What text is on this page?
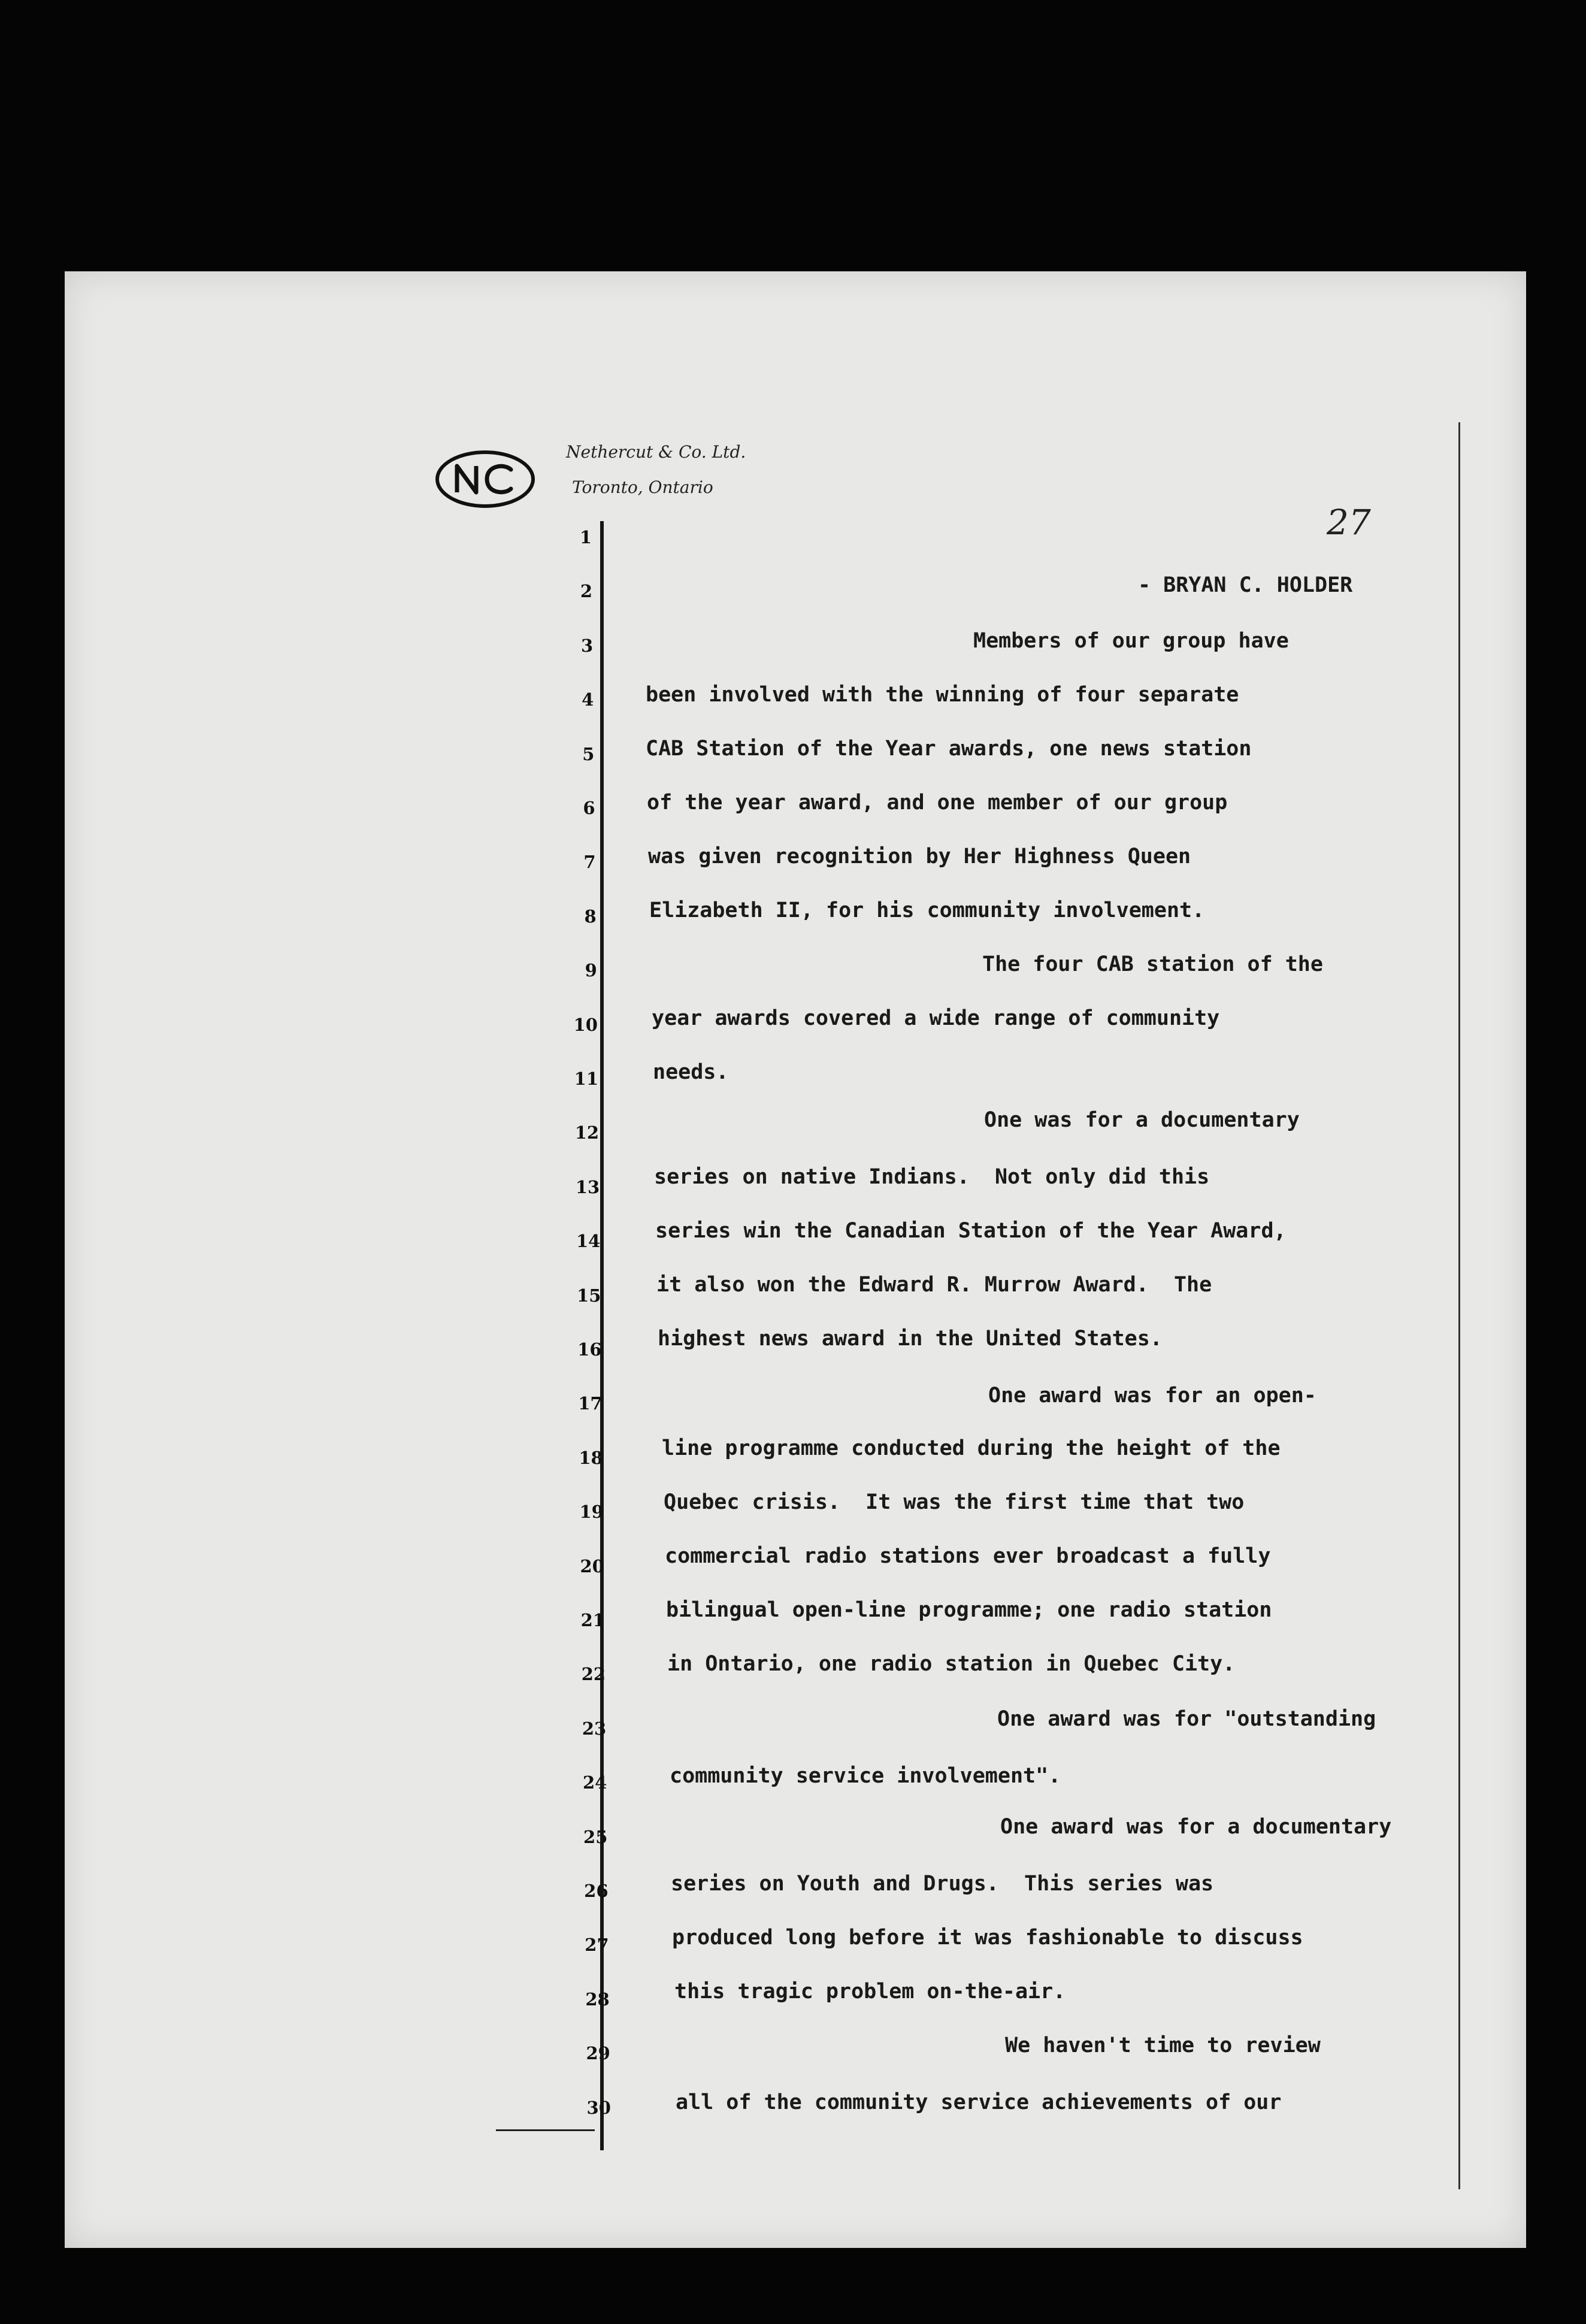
Nethercut & Co. Ltd.
Toronto, Ontario
27
1
2
3
4
5
6
7
8
9
10
11
12
13
14
15
16
17
18
19
20
21
22
23
24
25
26
27
28
29
30
- BRYAN C. HOLDER
Members of our group have
been involved with the winning of four separate
CAB Station of the Year awards, one news station
of the year award, and one member of our group
was given recognition by Her Highness Queen
Elizabeth II, for his community involvement.
The four CAB station of the
year awards covered a wide range of community
needs.
One was for a documentary
series on native Indians.  Not only did this
series win the Canadian Station of the Year Award,
it also won the Edward R. Murrow Award.  The
highest news award in the United States.
One award was for an open-
line programme conducted during the height of the
Quebec crisis.  It was the first time that two
commercial radio stations ever broadcast a fully
bilingual open-line programme; one radio station
in Ontario, one radio station in Quebec City.
One award was for "outstanding
community service involvement".
One award was for a documentary
series on Youth and Drugs.  This series was
produced long before it was fashionable to discuss
this tragic problem on-the-air.
We haven't time to review
all of the community service achievements of our
